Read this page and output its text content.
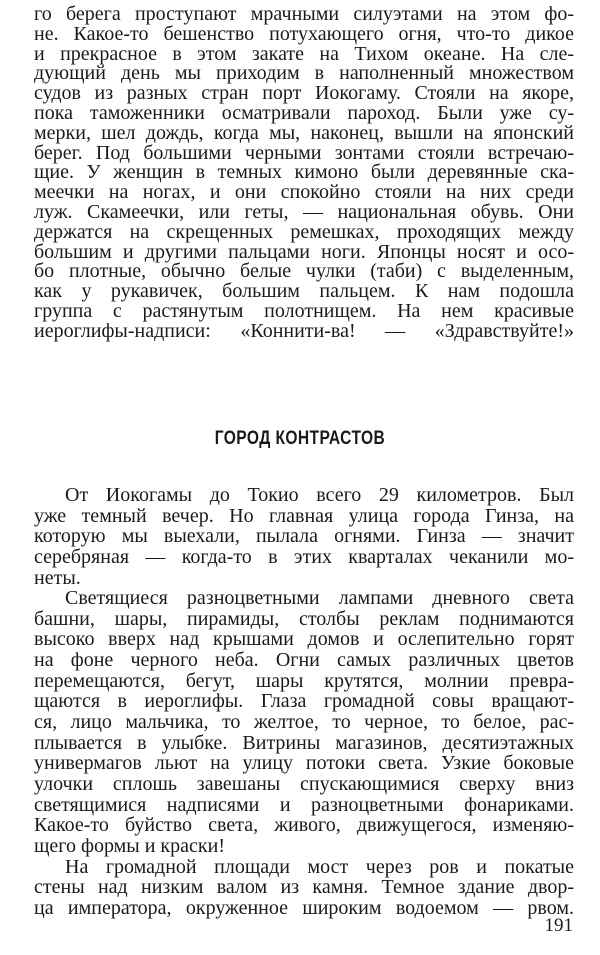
го берега проступают мрачными силуэтами на этом фо-
не. Какое-то бешенство потухающего огня, что-то дикое
и прекрасное в этом закате на Тихом океане. На сле-
дующий день мы приходим в наполненный множеством
судов из разных стран порт Иокогаму. Стояли на якоре,
пока таможенники осматривали пароход. Были уже су-
мерки, шел дождь, когда мы, наконец, вышли на японский
берег. Под большими черными зонтами стояли встречаю-
щие. У женщин в темных кимоно были деревянные ска-
меечки на ногах, и они спокойно стояли на них среди
луж. Скамеечки, или геты, — национальная обувь. Они
держатся на скрещенных ремешках, проходящих между
большим и другими пальцами ноги. Японцы носят и осо-
бо плотные, обычно белые чулки (таби) с выделенным,
как у рукавичек, большим пальцем. К нам подошла
группа с растянутым полотнищем. На нем красивые
иероглифы-надписи: «Коннити-ва! — «Здравствуйте!»
ГОРОД КОНТРАСТОВ
От Иокогамы до Токио всего 29 километров. Был
уже темный вечер. Но главная улица города Гинза, на
которую мы выехали, пылала огнями. Гинза — значит
серебряная — когда-то в этих кварталах чеканили мо-
неты.
Светящиеся разноцветными лампами дневного света
башни, шары, пирамиды, столбы реклам поднимаются
высоко вверх над крышами домов и ослепительно горят
на фоне черного неба. Огни самых различных цветов
перемещаются, бегут, шары крутятся, молнии превра-
щаются в иероглифы. Глаза громадной совы вращают-
ся, лицо мальчика, то желтое, то черное, то белое, рас-
плывается в улыбке. Витрины магазинов, десятиэтажных
универмагов льют на улицу потоки света. Узкие боковые
улочки сплошь завешаны спускающимися сверху вниз
светящимися надписями и разноцветными фонариками.
Какое-то буйство света, живого, движущегося, изменяю-
щего формы и краски!
На громадной площади мост через ров и покатые
стены над низким валом из камня. Темное здание двор-
ца императора, окруженное широким водоемом — рвом.
191
